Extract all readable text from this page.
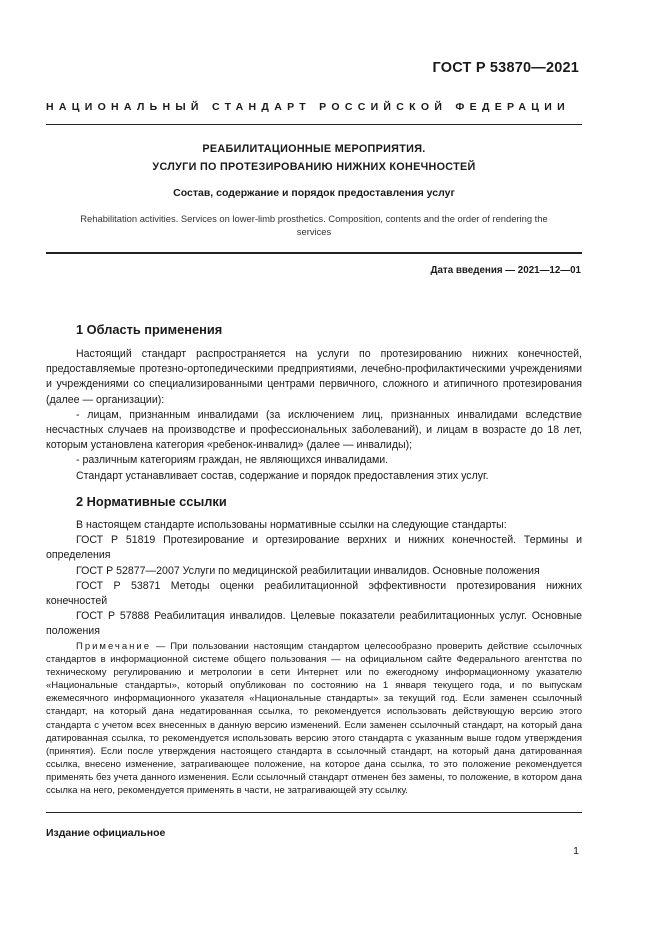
ГОСТ Р 53870—2021
НАЦИОНАЛЬНЫЙ СТАНДАРТ РОССИЙСКОЙ ФЕДЕРАЦИИ
РЕАБИЛИТАЦИОННЫЕ МЕРОПРИЯТИЯ.
УСЛУГИ ПО ПРОТЕЗИРОВАНИЮ НИЖНИХ КОНЕЧНОСТЕЙ
Состав, содержание и порядок предоставления услуг
Rehabilitation activities. Services on lower-limb prosthetics. Composition, contents and the order of rendering the services
Дата введения — 2021—12—01
1 Область применения

Настоящий стандарт распространяется на услуги по протезированию нижних конечностей, предоставляемые протезно-ортопедическими предприятиями, лечебно-профилактическими учреждениями и учреждениями со специализированными центрами первичного, сложного и атипичного протезирования (далее — организации):

- лицам, признанным инвалидами (за исключением лиц, признанных инвалидами вследствие несчастных случаев на производстве и профессиональных заболеваний), и лицам в возрасте до 18 лет, которым установлена категория «ребенок-инвалид» (далее — инвалиды);

- различным категориям граждан, не являющихся инвалидами.

Стандарт устанавливает состав, содержание и порядок предоставления этих услуг.

2 Нормативные ссылки

В настоящем стандарте использованы нормативные ссылки на следующие стандарты:

ГОСТ Р 51819 Протезирование и ортезирование верхних и нижних конечностей. Термины и определения

ГОСТ Р 52877—2007 Услуги по медицинской реабилитации инвалидов. Основные положения

ГОСТ Р 53871 Методы оценки реабилитационной эффективности протезирования нижних конечностей

ГОСТ Р 57888 Реабилитация инвалидов. Целевые показатели реабилитационных услуг. Основные положения

Примечание — При пользовании настоящим стандартом целесообразно проверить действие ссылочных стандартов в информационной системе общего пользования — на официальном сайте Федерального агентства по техническому регулированию и метрологии в сети Интернет или по ежегодному информационному указателю «Национальные стандарты», который опубликован по состоянию на 1 января текущего года, и по выпускам ежемесячного информационного указателя «Национальные стандарты» за текущий год. Если заменен ссылочный стандарт, на который дана недатированная ссылка, то рекомендуется использовать действующую версию этого стандарта с учетом всех внесенных в данную версию изменений. Если заменен ссылочный стандарт, на который дана датированная ссылка, то рекомендуется использовать версию этого стандарта с указанным выше годом утверждения (принятия). Если после утверждения настоящего стандарта в ссылочный стандарт, на который дана датированная ссылка, внесено изменение, затрагивающее положение, на которое дана ссылка, то это положение рекомендуется применять без учета данного изменения. Если ссылочный стандарт отменен без замены, то положение, в котором дана ссылка на него, рекомендуется применять в части, не затрагивающей эту ссылку.

Издание официальное
1
